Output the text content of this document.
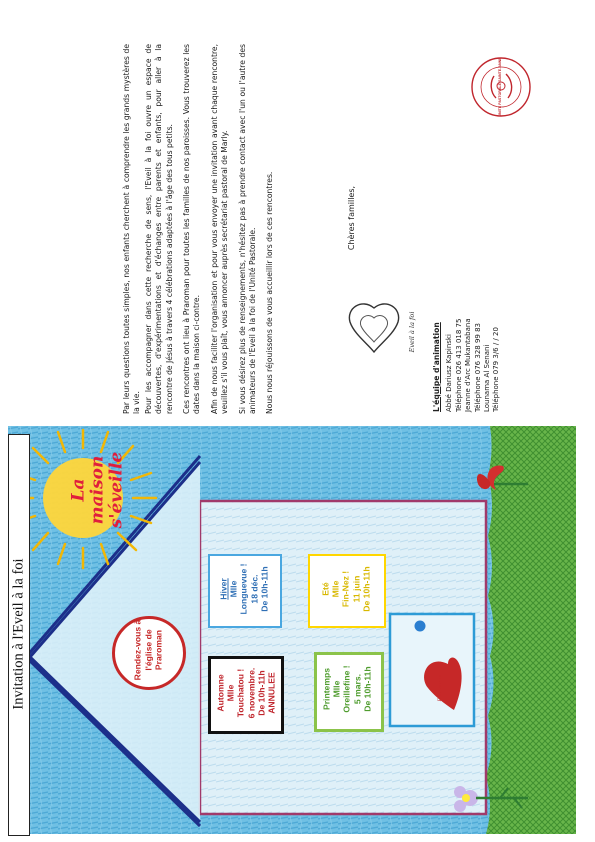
La maison s'éveille
Rendez-vous à l'église de Praroman
Automne Mlle Touchatou ! 6 novembre. De 10h-11h ANNULEE
Hiver Mlle Longuevue ! 18 déc. De 10h-11h
Printemps Mlle Oreillefine ! 5 mars. De 10h-11h
Eté Mlle Fin-Nez ! 11 juin De 10h-11h
Bienvenue
Invitation à l'Eveil à la foi
Eveil à la foi
UNITE PASTORALE SAINTE-ANNE
Chères familles,

Par leurs questions toutes simples, nos enfants cherchent à comprendre les grands mystères de la vie. Pour les accompagner dans cette recherche de sens, l'Eveil à la foi ouvre un espace de découvertes, d'expérimentations et d'échanges entre parents et enfants, pour aller à la rencontre de Jésus à travers 4 célébrations adaptées à l'âge des tous petits. Ces rencontres ont lieu à Praroman pour toutes les familles de nos paroisses. Vous trouverez les dates dans la maison ci-contre. Afin de nous faciliter l'organisation et pour vous envoyer une invitation avant chaque rencontre, veuillez s'il vous plaît, vous annoncer auprès secrétariat pastoral de Marly. Si vous désirez plus de renseignements, n'hésitez pas à prendre contact avec l'un ou l'autre des animateurs de l'Eveil à la foi de l'Unité Pastorale. Nous nous réjouissons de vous accueillir lors de ces rencontres.	L'équipe d'animation Abbé Dariusz Kapinski Téléphone 026 413 018 75 Jeanne d'Arc Mukantabana Téléphone 076 328 99 83 Lounama Al Senani Téléphone 079 3/6 / / 20
